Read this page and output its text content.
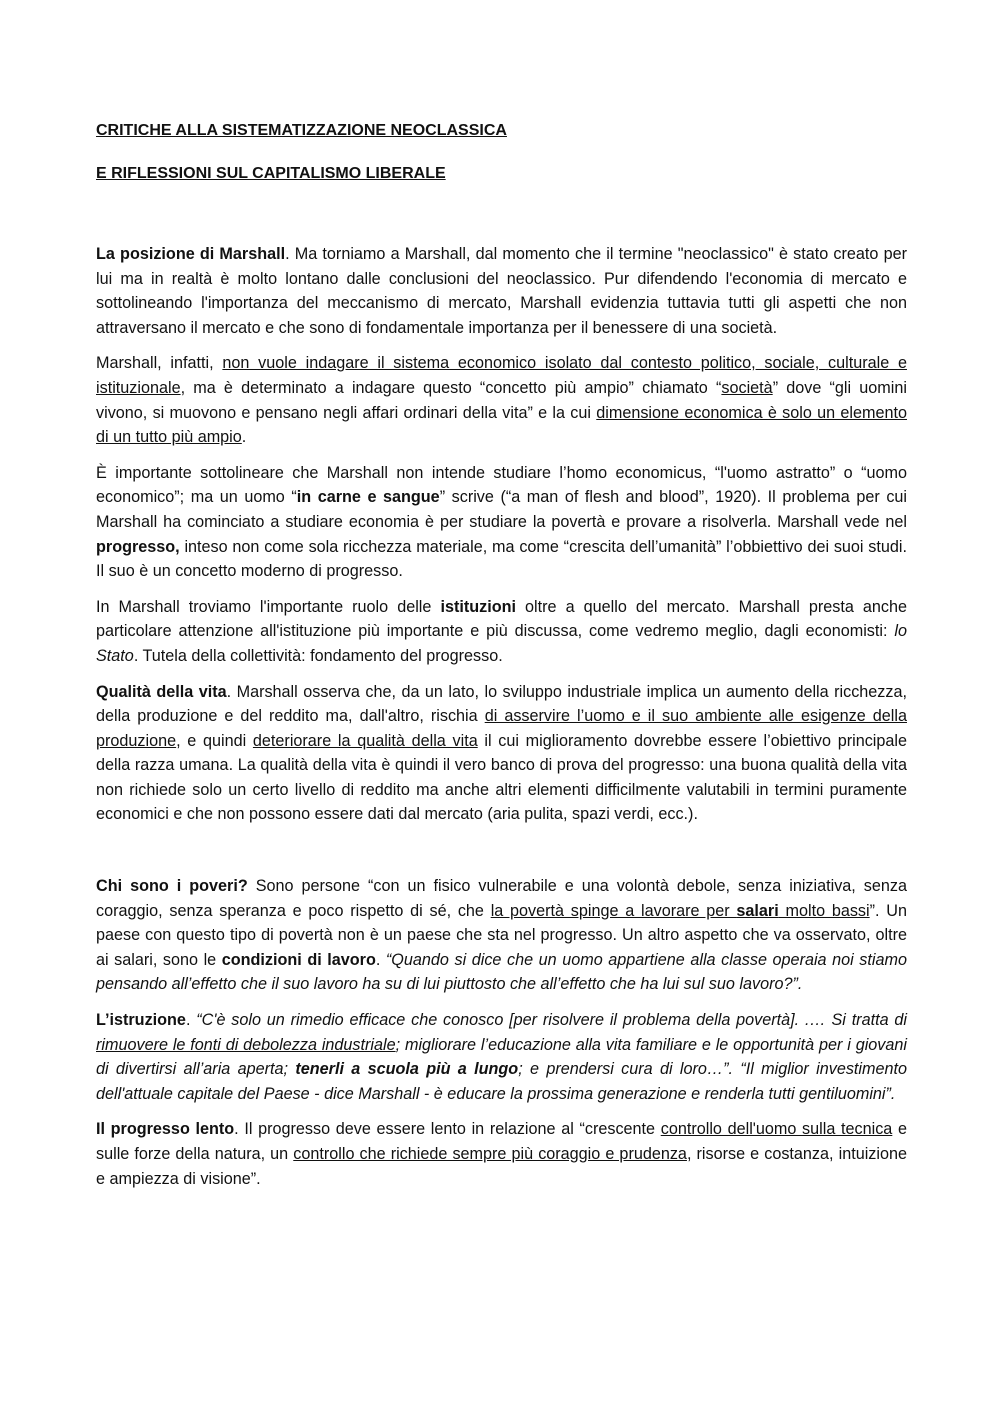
CRITICHE ALLA SISTEMATIZZAZIONE NEOCLASSICA
E RIFLESSIONI SUL CAPITALISMO LIBERALE

La posizione di Marshall. Ma torniamo a Marshall, dal momento che il termine "neoclassico" è stato creato per lui ma in realtà è molto lontano dalle conclusioni del neoclassico. Pur difendendo l'economia di mercato e sottolineando l'importanza del meccanismo di mercato, Marshall evidenzia tuttavia tutti gli aspetti che non attraversano il mercato e che sono di fondamentale importanza per il benessere di una società.

Marshall, infatti, non vuole indagare il sistema economico isolato dal contesto politico, sociale, culturale e istituzionale, ma è determinato a indagare questo “concetto più ampio” chiamato “società” dove “gli uomini vivono, si muovono e pensano negli affari ordinari della vita” e la cui dimensione economica è solo un elemento di un tutto più ampio.

È importante sottolineare che Marshall non intende studiare l’homo economicus, “l'uomo astratto” o “uomo economico”; ma un uomo “in carne e sangue” scrive (“a man of flesh and blood”, 1920). Il problema per cui Marshall ha cominciato a studiare economia è per studiare la povertà e provare a risolverla. Marshall vede nel progresso, inteso non come sola ricchezza materiale, ma come “crescita dell’umanità” l’obbiettivo dei suoi studi. Il suo è un concetto moderno di progresso.

In Marshall troviamo l'importante ruolo delle istituzioni oltre a quello del mercato. Marshall presta anche particolare attenzione all'istituzione più importante e più discussa, come vedremo meglio, dagli economisti: lo Stato. Tutela della collettività: fondamento del progresso.

Qualità della vita. Marshall osserva che, da un lato, lo sviluppo industriale implica un aumento della ricchezza, della produzione e del reddito ma, dall'altro, rischia di asservire l’uomo e il suo ambiente alle esigenze della produzione, e quindi deteriorare la qualità della vita il cui miglioramento dovrebbe essere l’obiettivo principale della razza umana. La qualità della vita è quindi il vero banco di prova del progresso: una buona qualità della vita non richiede solo un certo livello di reddito ma anche altri elementi difficilmente valutabili in termini puramente economici e che non possono essere dati dal mercato (aria pulita, spazi verdi, ecc.).

Chi sono i poveri? Sono persone “con un fisico vulnerabile e una volontà debole, senza iniziativa, senza coraggio, senza speranza e poco rispetto di sé, che la povertà spinge a lavorare per salari molto bassi”. Un paese con questo tipo di povertà non è un paese che sta nel progresso. Un altro aspetto che va osservato, oltre ai salari, sono le condizioni di lavoro. “Quando si dice che un uomo appartiene alla classe operaia noi stiamo pensando all’effetto che il suo lavoro ha su di lui piuttosto che all’effetto che ha lui sul suo lavoro?”.

L’istruzione. “C'è solo un rimedio efficace che conosco [per risolvere il problema della povertà]. .… Si tratta di rimuovere le fonti di debolezza industriale; migliorare l’educazione alla vita familiare e le opportunità per i giovani di divertirsi all’aria aperta; tenerli a scuola più a lungo; e prendersi cura di loro…”. “Il miglior investimento dell'attuale capitale del Paese - dice Marshall - è educare la prossima generazione e renderla tutti gentiluomini”.

Il progresso lento. Il progresso deve essere lento in relazione al “crescente controllo dell'uomo sulla tecnica e sulle forze della natura, un controllo che richiede sempre più coraggio e prudenza, risorse e costanza, intuizione e ampiezza di visione”.
